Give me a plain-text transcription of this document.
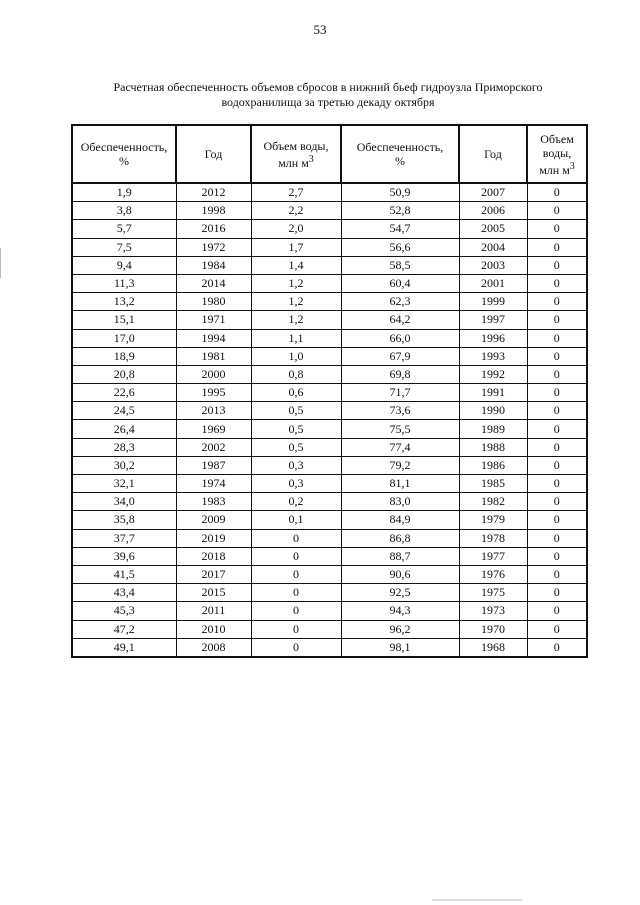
53
Расчетная обеспеченность объемов сбросов в нижний бьеф гидроузла Приморского
водохранилища за третью декаду октября
Обеспеченность,
%	Год	Объем воды,
млн $м^3$	Обеспеченность,
%	Год	Объем воды,
млн $м^3$
1,9	2012	2,7	50,9	2007	0
3,8	1998	2,2	52,8	2006	0
5,7	2016	2,0	54,7	2005	0
7,5	1972	1,7	56,6	2004	0
9,4	1984	1,4	58,5	2003	0
11,3	2014	1,2	60,4	2001	0
13,2	1980	1,2	62,3	1999	0
15,1	1971	1,2	64,2	1997	0
17,0	1994	1,1	66,0	1996	0
18,9	1981	1,0	67,9	1993	0
20,8	2000	0,8	69,8	1992	0
22,6	1995	0,6	71,7	1991	0
24,5	2013	0,5	73,6	1990	0
26,4	1969	0,5	75,5	1989	0
28,3	2002	0,5	77,4	1988	0
30,2	1987	0,3	79,2	1986	0
32,1	1974	0,3	81,1	1985	0
34,0	1983	0,2	83,0	1982	0
35,8	2009	0,1	84,9	1979	0
37,7	2019	0	86,8	1978	0
39,6	2018	0	88,7	1977	0
41,5	2017	0	90,6	1976	0
43,4	2015	0	92,5	1975	0
45,3	2011	0	94,3	1973	0
47,2	2010	0	96,2	1970	0
49,1	2008	0	98,1	1968	0
